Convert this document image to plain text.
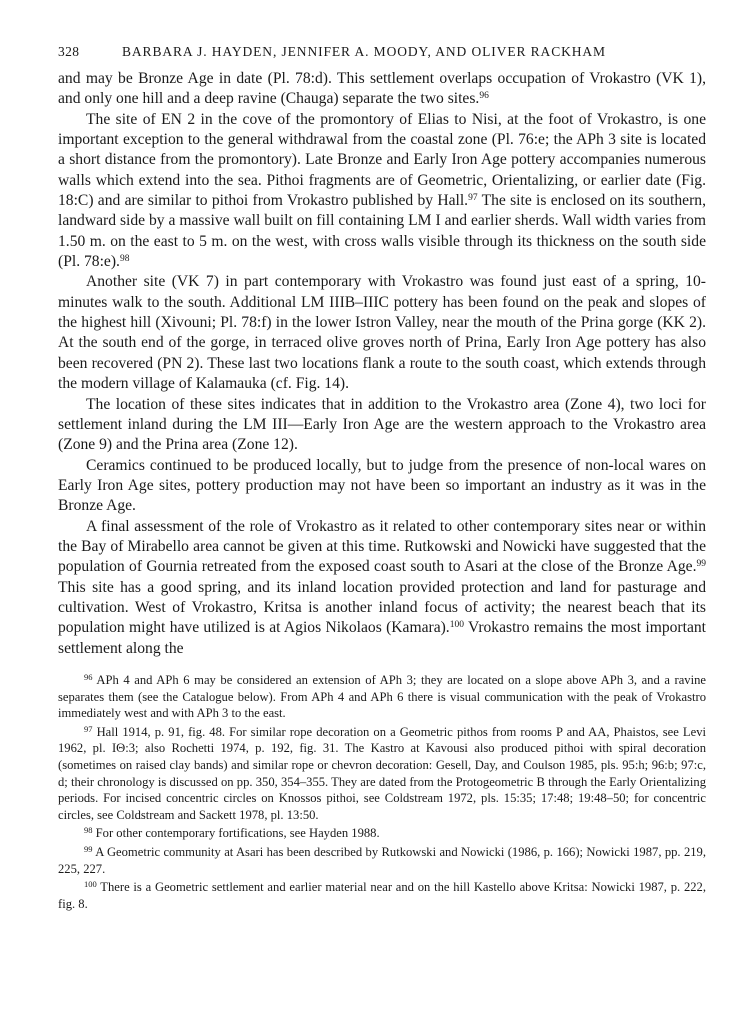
328	BARBARA J. HAYDEN, JENNIFER A. MOODY, AND OLIVER RACKHAM

and may be Bronze Age in date (Pl. 78:d). This settlement overlaps occupation of Vrokastro (VK 1), and only one hill and a deep ravine (Chauga) separate the two sites.$^{96}$

The site of EN 2 in the cove of the promontory of Elias to Nisi, at the foot of Vrokastro, is one important exception to the general withdrawal from the coastal zone (Pl. 76:e; the APh 3 site is located a short distance from the promontory). Late Bronze and Early Iron Age pottery accompanies numerous walls which extend into the sea. Pithoi fragments are of Geometric, Orientalizing, or earlier date (Fig. 18:C) and are similar to pithoi from Vrokastro published by Hall.$^{97}$ The site is enclosed on its southern, landward side by a massive wall built on fill containing LM I and earlier sherds. Wall width varies from 1.50 m. on the east to 5 m. on the west, with cross walls visible through its thickness on the south side (Pl. 78:e).$^{98}$

Another site (VK 7) in part contemporary with Vrokastro was found just east of a spring, 10-minutes walk to the south. Additional LM IIIB–IIIC pottery has been found on the peak and slopes of the highest hill (Xivouni; Pl. 78:f) in the lower Istron Valley, near the mouth of the Prina gorge (KK 2). At the south end of the gorge, in terraced olive groves north of Prina, Early Iron Age pottery has also been recovered (PN 2). These last two locations flank a route to the south coast, which extends through the modern village of Kalamauka (cf. Fig. 14).

The location of these sites indicates that in addition to the Vrokastro area (Zone 4), two loci for settlement inland during the LM III—Early Iron Age are the western approach to the Vrokastro area (Zone 9) and the Prina area (Zone 12).

Ceramics continued to be produced locally, but to judge from the presence of non-local wares on Early Iron Age sites, pottery production may not have been so important an industry as it was in the Bronze Age.

A final assessment of the role of Vrokastro as it related to other contemporary sites near or within the Bay of Mirabello area cannot be given at this time. Rutkowski and Nowicki have suggested that the population of Gournia retreated from the exposed coast south to Asari at the close of the Bronze Age.$^{99}$ This site has a good spring, and its inland location provided protection and land for pasturage and cultivation. West of Vrokastro, Kritsa is another inland focus of activity; the nearest beach that its population might have utilized is at Agios Nikolaos (Kamara).$^{100}$ Vrokastro remains the most important settlement along the

$^{96}$ APh 4 and APh 6 may be considered an extension of APh 3; they are located on a slope above APh 3, and a ravine separates them (see the Catalogue below). From APh 4 and APh 6 there is visual communication with the peak of Vrokastro immediately west and with APh 3 to the east.

$^{97}$ Hall 1914, p. 91, fig. 48. For similar rope decoration on a Geometric pithos from rooms P and AA, Phaistos, see Levi 1962, pl. IΘ:3; also Rochetti 1974, p. 192, fig. 31. The Kastro at Kavousi also produced pithoi with spiral decoration (sometimes on raised clay bands) and similar rope or chevron decoration: Gesell, Day, and Coulson 1985, pls. 95:h; 96:b; 97:c, d; their chronology is discussed on pp. 350, 354–355. They are dated from the Protogeometric B through the Early Orientalizing periods. For incised concentric circles on Knossos pithoi, see Coldstream 1972, pls. 15:35; 17:48; 19:48–50; for concentric circles, see Coldstream and Sackett 1978, pl. 13:50.

$^{98}$ For other contemporary fortifications, see Hayden 1988.

$^{99}$ A Geometric community at Asari has been described by Rutkowski and Nowicki (1986, p. 166); Nowicki 1987, pp. 219, 225, 227.

$^{100}$ There is a Geometric settlement and earlier material near and on the hill Kastello above Kritsa: Nowicki 1987, p. 222, fig. 8.
